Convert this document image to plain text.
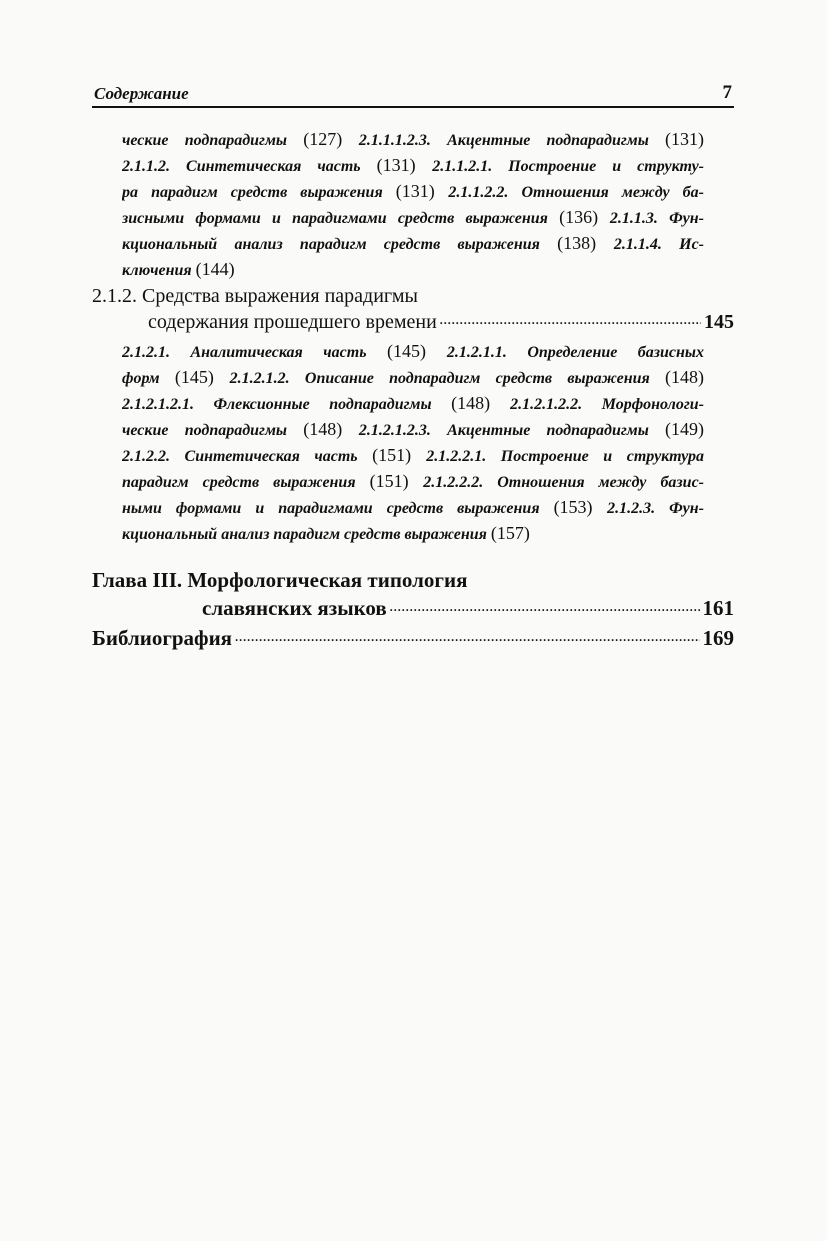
Содержание	7
ческие подпарадигмы (127) 2.1.1.1.2.3. Акцентные подпарадигмы (131)
2.1.1.2. Синтетическая часть (131) 2.1.1.2.1. Построение и структу-
ра парадигм средств выражения (131) 2.1.1.2.2. Отношения между ба-
зисными формами и парадигмами средств выражения (136) 2.1.1.3. Фун-
кциональный анализ парадигм средств выражения (138) 2.1.1.4. Ис-
ключения (144)
2.1.2. Средства выражения парадигмы
содержания прошедшего времени .....	145
2.1.2.1. Аналитическая часть (145) 2.1.2.1.1. Определение базисных
форм (145) 2.1.2.1.2. Описание подпарадигм средств выражения (148)
2.1.2.1.2.1. Флексионные подпарадигмы (148) 2.1.2.1.2.2. Морфонологи-
ческие подпарадигмы (148) 2.1.2.1.2.3. Акцентные подпарадигмы (149)
2.1.2.2. Синтетическая часть (151) 2.1.2.2.1. Построение и структура
парадигм средств выражения (151) 2.1.2.2.2. Отношения между базис-
ными формами и парадигмами средств выражения (153) 2.1.2.3. Фун-
кциональный анализ парадигм средств выражения (157)
Глава III. Морфологическая типология
славянских языков .....	161
Библиография .....	169
